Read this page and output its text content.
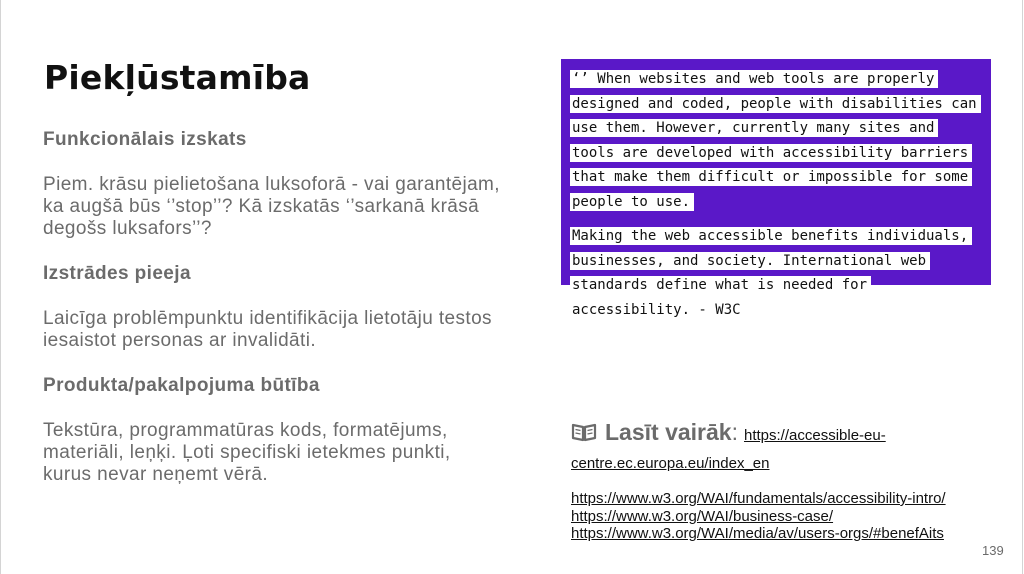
Piekļūstamība
Funkcionālais izskats
Piem. krāsu pielietošana luksoforā - vai garantējam, ka augšā būs ‘’stop’’? Kā izskatās ‘’sarkanā krāsā degošs luksafors’’?
Izstrādes pieeja
Laicīga problēmpunktu identifikācija lietotāju testos iesaistot personas ar invalidāti.
Produkta/pakalpojuma būtība
Tekstūra, programmatūras kods, formatējums, materiāli, leņķi. Ļoti specifiski ietekmes punkti, kurus nevar neņemt vērā.
‘’ When websites and web tools are properly designed and coded, people with disabilities can use them. However, currently many sites and tools are developed with accessibility barriers that make them difficult or impossible for some people to use.
Making the web accessible benefits individuals, businesses, and society. International web standards define what is needed for accessibility. - W3C
Lasīt vairāk: https://accessible-eu-centre.ec.europa.eu/index_en
https://www.w3.org/WAI/fundamentals/accessibility-intro/
https://www.w3.org/WAI/business-case/
https://www.w3.org/WAI/media/av/users-orgs/#benefAits
139
